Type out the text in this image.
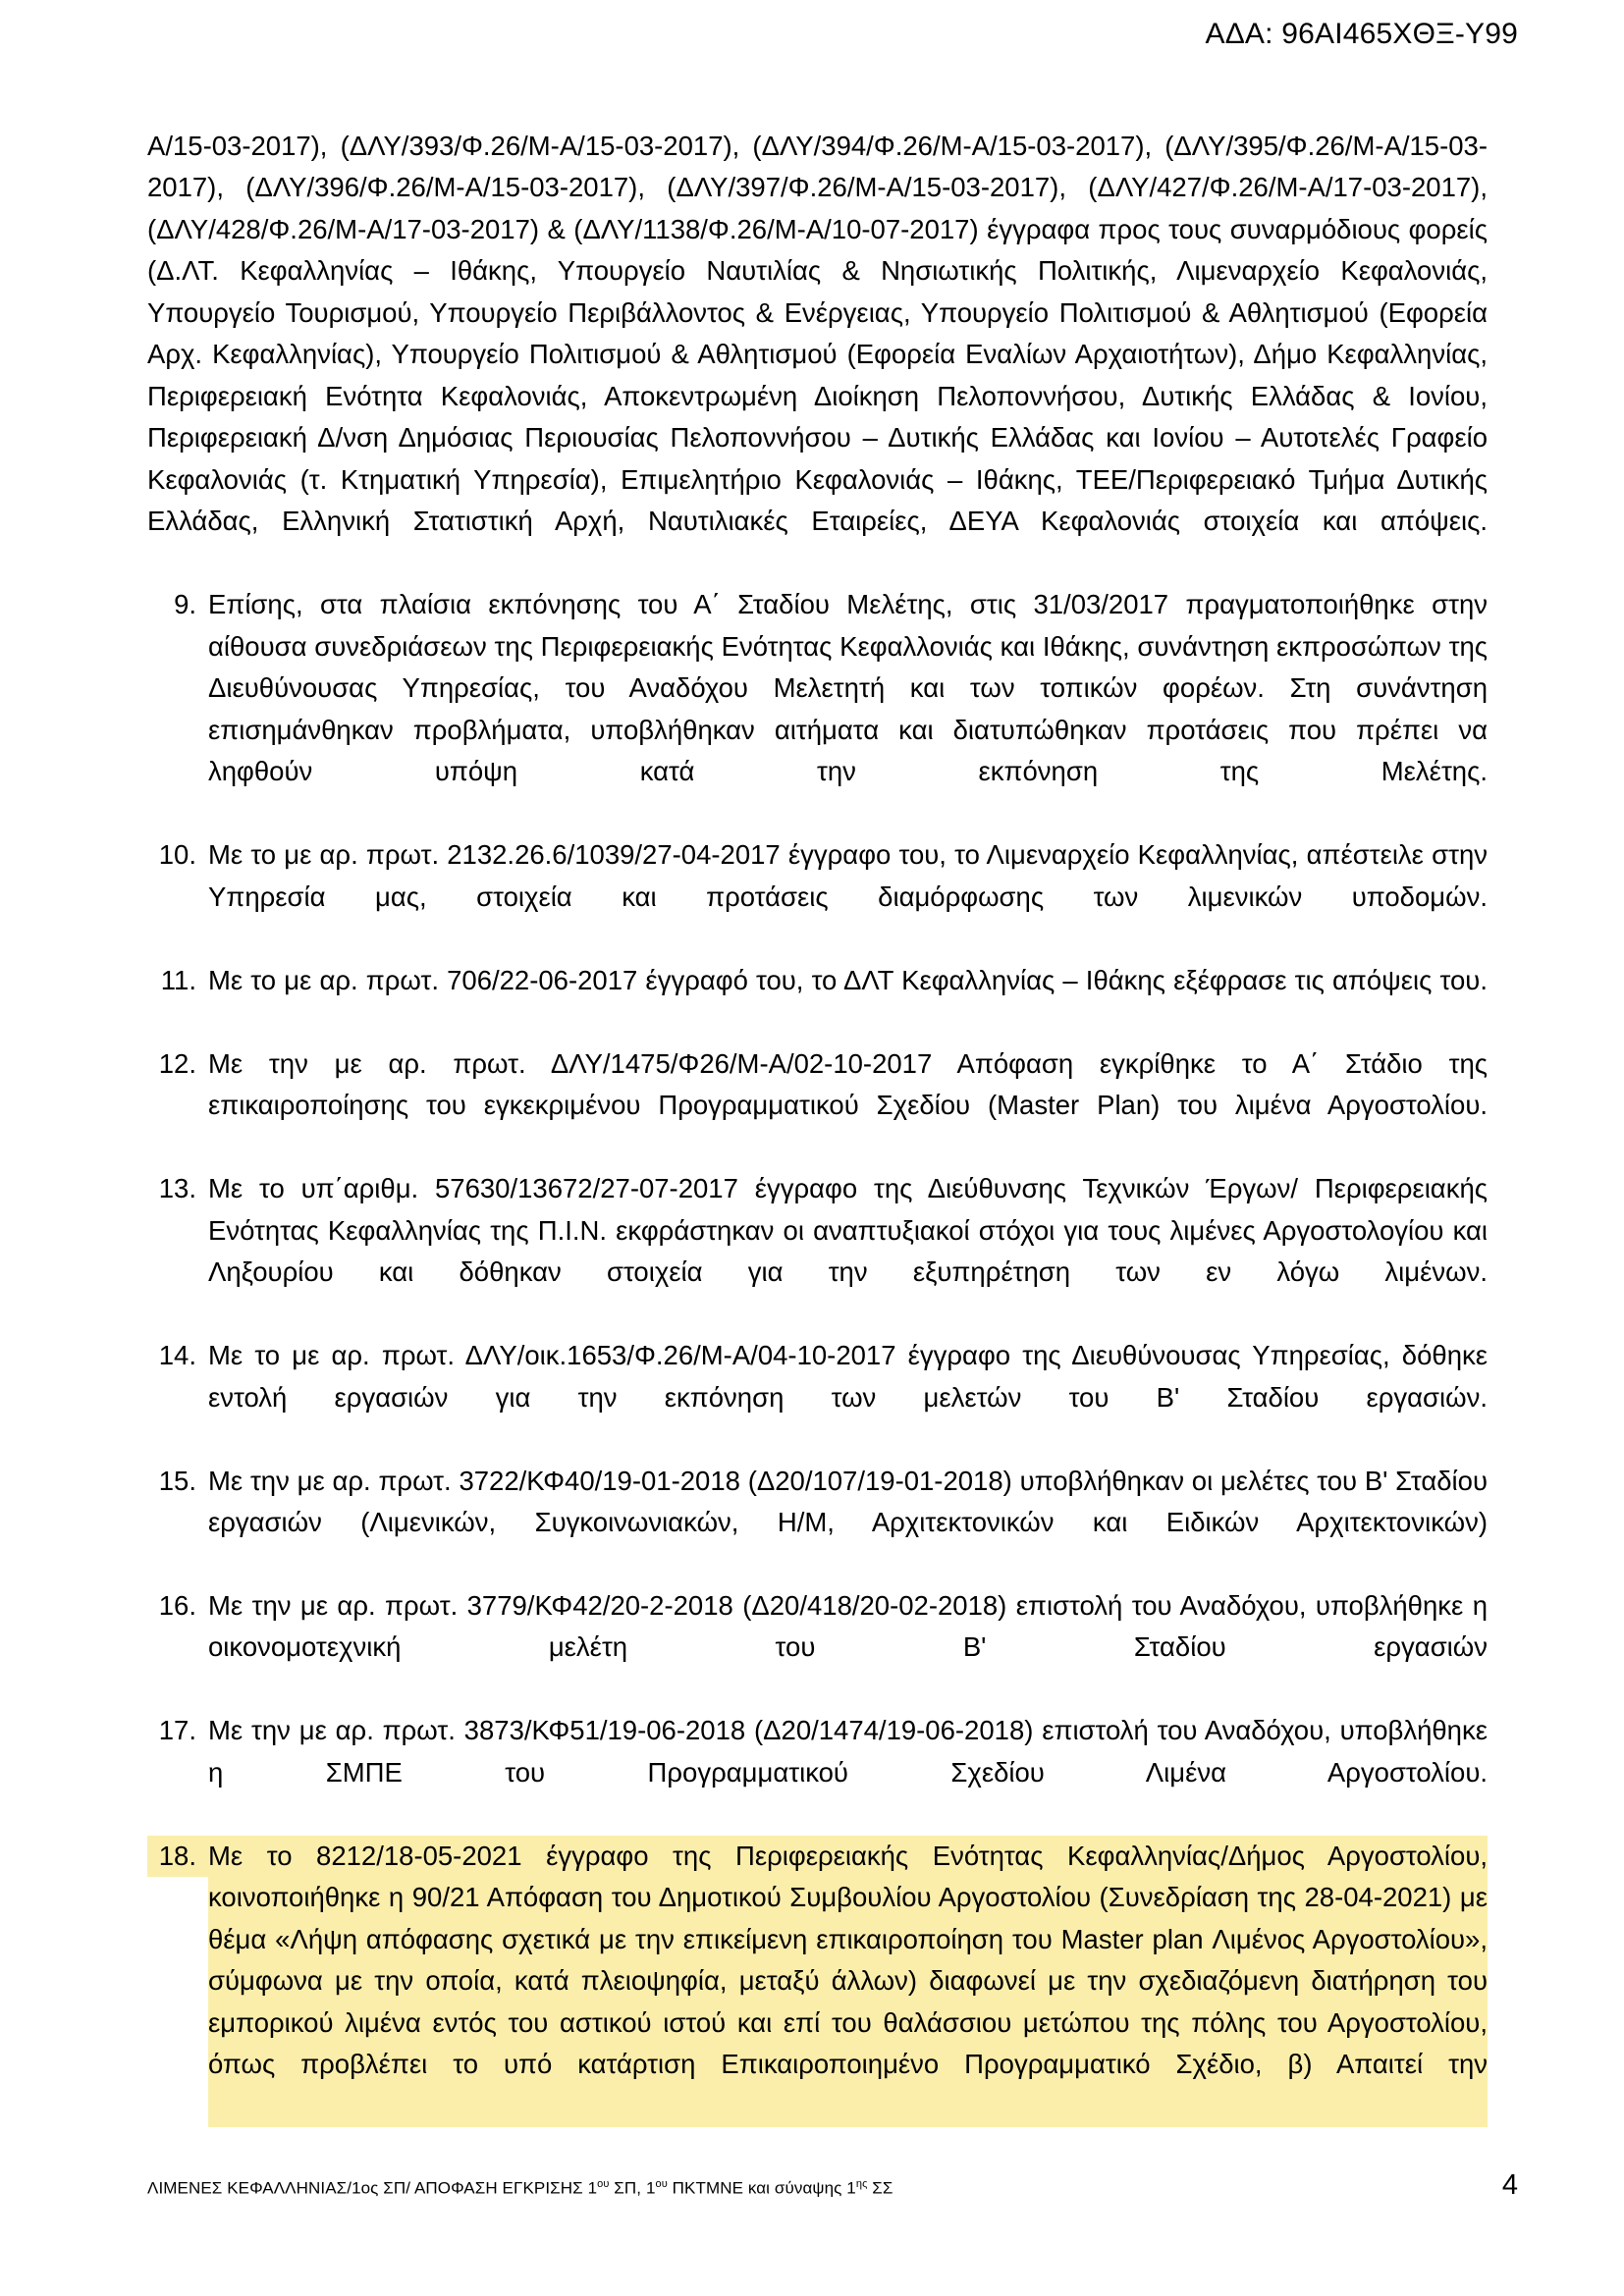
ΑΔΑ: 96ΑΙ465ΧΘΞ-Υ99

Α/15-03-2017), (ΔΛΥ/393/Φ.26/Μ-Α/15-03-2017), (ΔΛΥ/394/Φ.26/Μ-Α/15-03-2017), (ΔΛΥ/395/Φ.26/Μ-Α/15-03-2017), (ΔΛΥ/396/Φ.26/Μ-Α/15-03-2017), (ΔΛΥ/397/Φ.26/Μ-Α/15-03-2017), (ΔΛΥ/427/Φ.26/Μ-Α/17-03-2017), (ΔΛΥ/428/Φ.26/Μ-Α/17-03-2017) & (ΔΛΥ/1138/Φ.26/Μ-Α/10-07-2017) έγγραφα προς τους συναρμόδιους φορείς (Δ.ΛΤ. Κεφαλληνίας – Ιθάκης, Υπουργείο Ναυτιλίας & Νησιωτικής Πολιτικής, Λιμεναρχείο Κεφαλονιάς, Υπουργείο Τουρισμού, Υπουργείο Περιβάλλοντος & Ενέργειας, Υπουργείο Πολιτισμού & Αθλητισμού (Εφορεία Αρχ. Κεφαλληνίας), Υπουργείο Πολιτισμού & Αθλητισμού (Εφορεία Εναλίων Αρχαιοτήτων), Δήμο Κεφαλληνίας, Περιφερειακή Ενότητα Κεφαλονιάς, Αποκεντρωμένη Διοίκηση Πελοποννήσου, Δυτικής Ελλάδας & Ιονίου, Περιφερειακή Δ/νση Δημόσιας Περιουσίας Πελοποννήσου – Δυτικής Ελλάδας και Ιονίου – Αυτοτελές Γραφείο Κεφαλονιάς (τ. Κτηματική Υπηρεσία), Επιμελητήριο Κεφαλονιάς – Ιθάκης, ΤΕΕ/Περιφερειακό Τμήμα Δυτικής Ελλάδας, Ελληνική Στατιστική Αρχή, Ναυτιλιακές Εταιρείες, ΔΕΥΑ Κεφαλονιάς στοιχεία και απόψεις.

9. Επίσης, στα πλαίσια εκπόνησης του Α΄ Σταδίου Μελέτης, στις 31/03/2017 πραγματοποιήθηκε στην αίθουσα συνεδριάσεων της Περιφερειακής Ενότητας Κεφαλλονιάς και Ιθάκης, συνάντηση εκπροσώπων της Διευθύνουσας Υπηρεσίας, του Αναδόχου Μελετητή και των τοπικών φορέων. Στη συνάντηση επισημάνθηκαν προβλήματα, υποβλήθηκαν αιτήματα και διατυπώθηκαν προτάσεις που πρέπει να ληφθούν υπόψη κατά την εκπόνηση της Μελέτης.
10. Με το με αρ. πρωτ. 2132.26.6/1039/27-04-2017 έγγραφο του, το Λιμεναρχείο Κεφαλληνίας, απέστειλε στην Υπηρεσία μας, στοιχεία και προτάσεις διαμόρφωσης των λιμενικών υποδομών.
11. Με το με αρ. πρωτ. 706/22-06-2017 έγγραφό του, το ΔΛΤ Κεφαλληνίας – Ιθάκης εξέφρασε τις απόψεις του.
12. Με την με αρ. πρωτ. ΔΛΥ/1475/Φ26/Μ-Α/02-10-2017 Απόφαση εγκρίθηκε το Α΄ Στάδιο της επικαιροποίησης του εγκεκριμένου Προγραμματικού Σχεδίου (Master Plan) του λιμένα Αργοστολίου.
13. Με το υπ΄αριθμ. 57630/13672/27-07-2017 έγγραφο της Διεύθυνσης Τεχνικών Έργων/ Περιφερειακής Ενότητας Κεφαλληνίας της Π.Ι.Ν. εκφράστηκαν οι αναπτυξιακοί στόχοι για τους λιμένες Αργοστολογίου και Ληξουρίου και δόθηκαν στοιχεία για την εξυπηρέτηση των εν λόγω λιμένων.
14. Με το με αρ. πρωτ. ΔΛΥ/οικ.1653/Φ.26/Μ-Α/04-10-2017 έγγραφο της Διευθύνουσας Υπηρεσίας, δόθηκε εντολή εργασιών για την εκπόνηση των μελετών του Β' Σταδίου εργασιών.
15. Με την με αρ. πρωτ. 3722/ΚΦ40/19-01-2018 (Δ20/107/19-01-2018) υποβλήθηκαν οι μελέτες του Β' Σταδίου εργασιών (Λιμενικών, Συγκοινωνιακών, Η/Μ, Αρχιτεκτονικών και Ειδικών Αρχιτεκτονικών)
16. Με την με αρ. πρωτ. 3779/ΚΦ42/20-2-2018 (Δ20/418/20-02-2018) επιστολή του Αναδόχου, υποβλήθηκε η οικονομοτεχνική μελέτη του Β' Σταδίου εργασιών
17. Με την με αρ. πρωτ. 3873/ΚΦ51/19-06-2018 (Δ20/1474/19-06-2018) επιστολή του Αναδόχου, υποβλήθηκε η ΣΜΠΕ του Προγραμματικού Σχεδίου Λιμένα Αργοστολίου.
18. Με το 8212/18-05-2021 έγγραφο της Περιφερειακής Ενότητας Κεφαλληνίας/Δήμος Αργοστολίου, κοινοποιήθηκε η 90/21 Απόφαση του Δημοτικού Συμβουλίου Αργοστολίου (Συνεδρίαση της 28-04-2021) με θέμα «Λήψη απόφασης σχετικά με την επικείμενη επικαιροποίηση του Master plan Λιμένος Αργοστολίου», σύμφωνα με την οποία, κατά πλειοψηφία, μεταξύ άλλων) διαφωνεί με την σχεδιαζόμενη διατήρηση του εμπορικού λιμένα εντός του αστικού ιστού και επί του θαλάσσιου μετώπου της πόλης του Αργοστολίου, όπως προβλέπει το υπό κατάρτιση Επικαιροποιημένο Προγραμματικό Σχέδιο, β) Απαιτεί την
ΛΙΜΕΝΕΣ ΚΕΦΑΛΛΗΝΙΑΣ/1ος ΣΠ/ ΑΠΟΦΑΣΗ ΕΓΚΡΙΣΗΣ $1^{o\upsilon}$ ΣΠ, $1^{o\upsilon}$ ΠΚΤΜΝΕ και σύναψης $1^{\eta\varsigma}$ ΣΣ	4
